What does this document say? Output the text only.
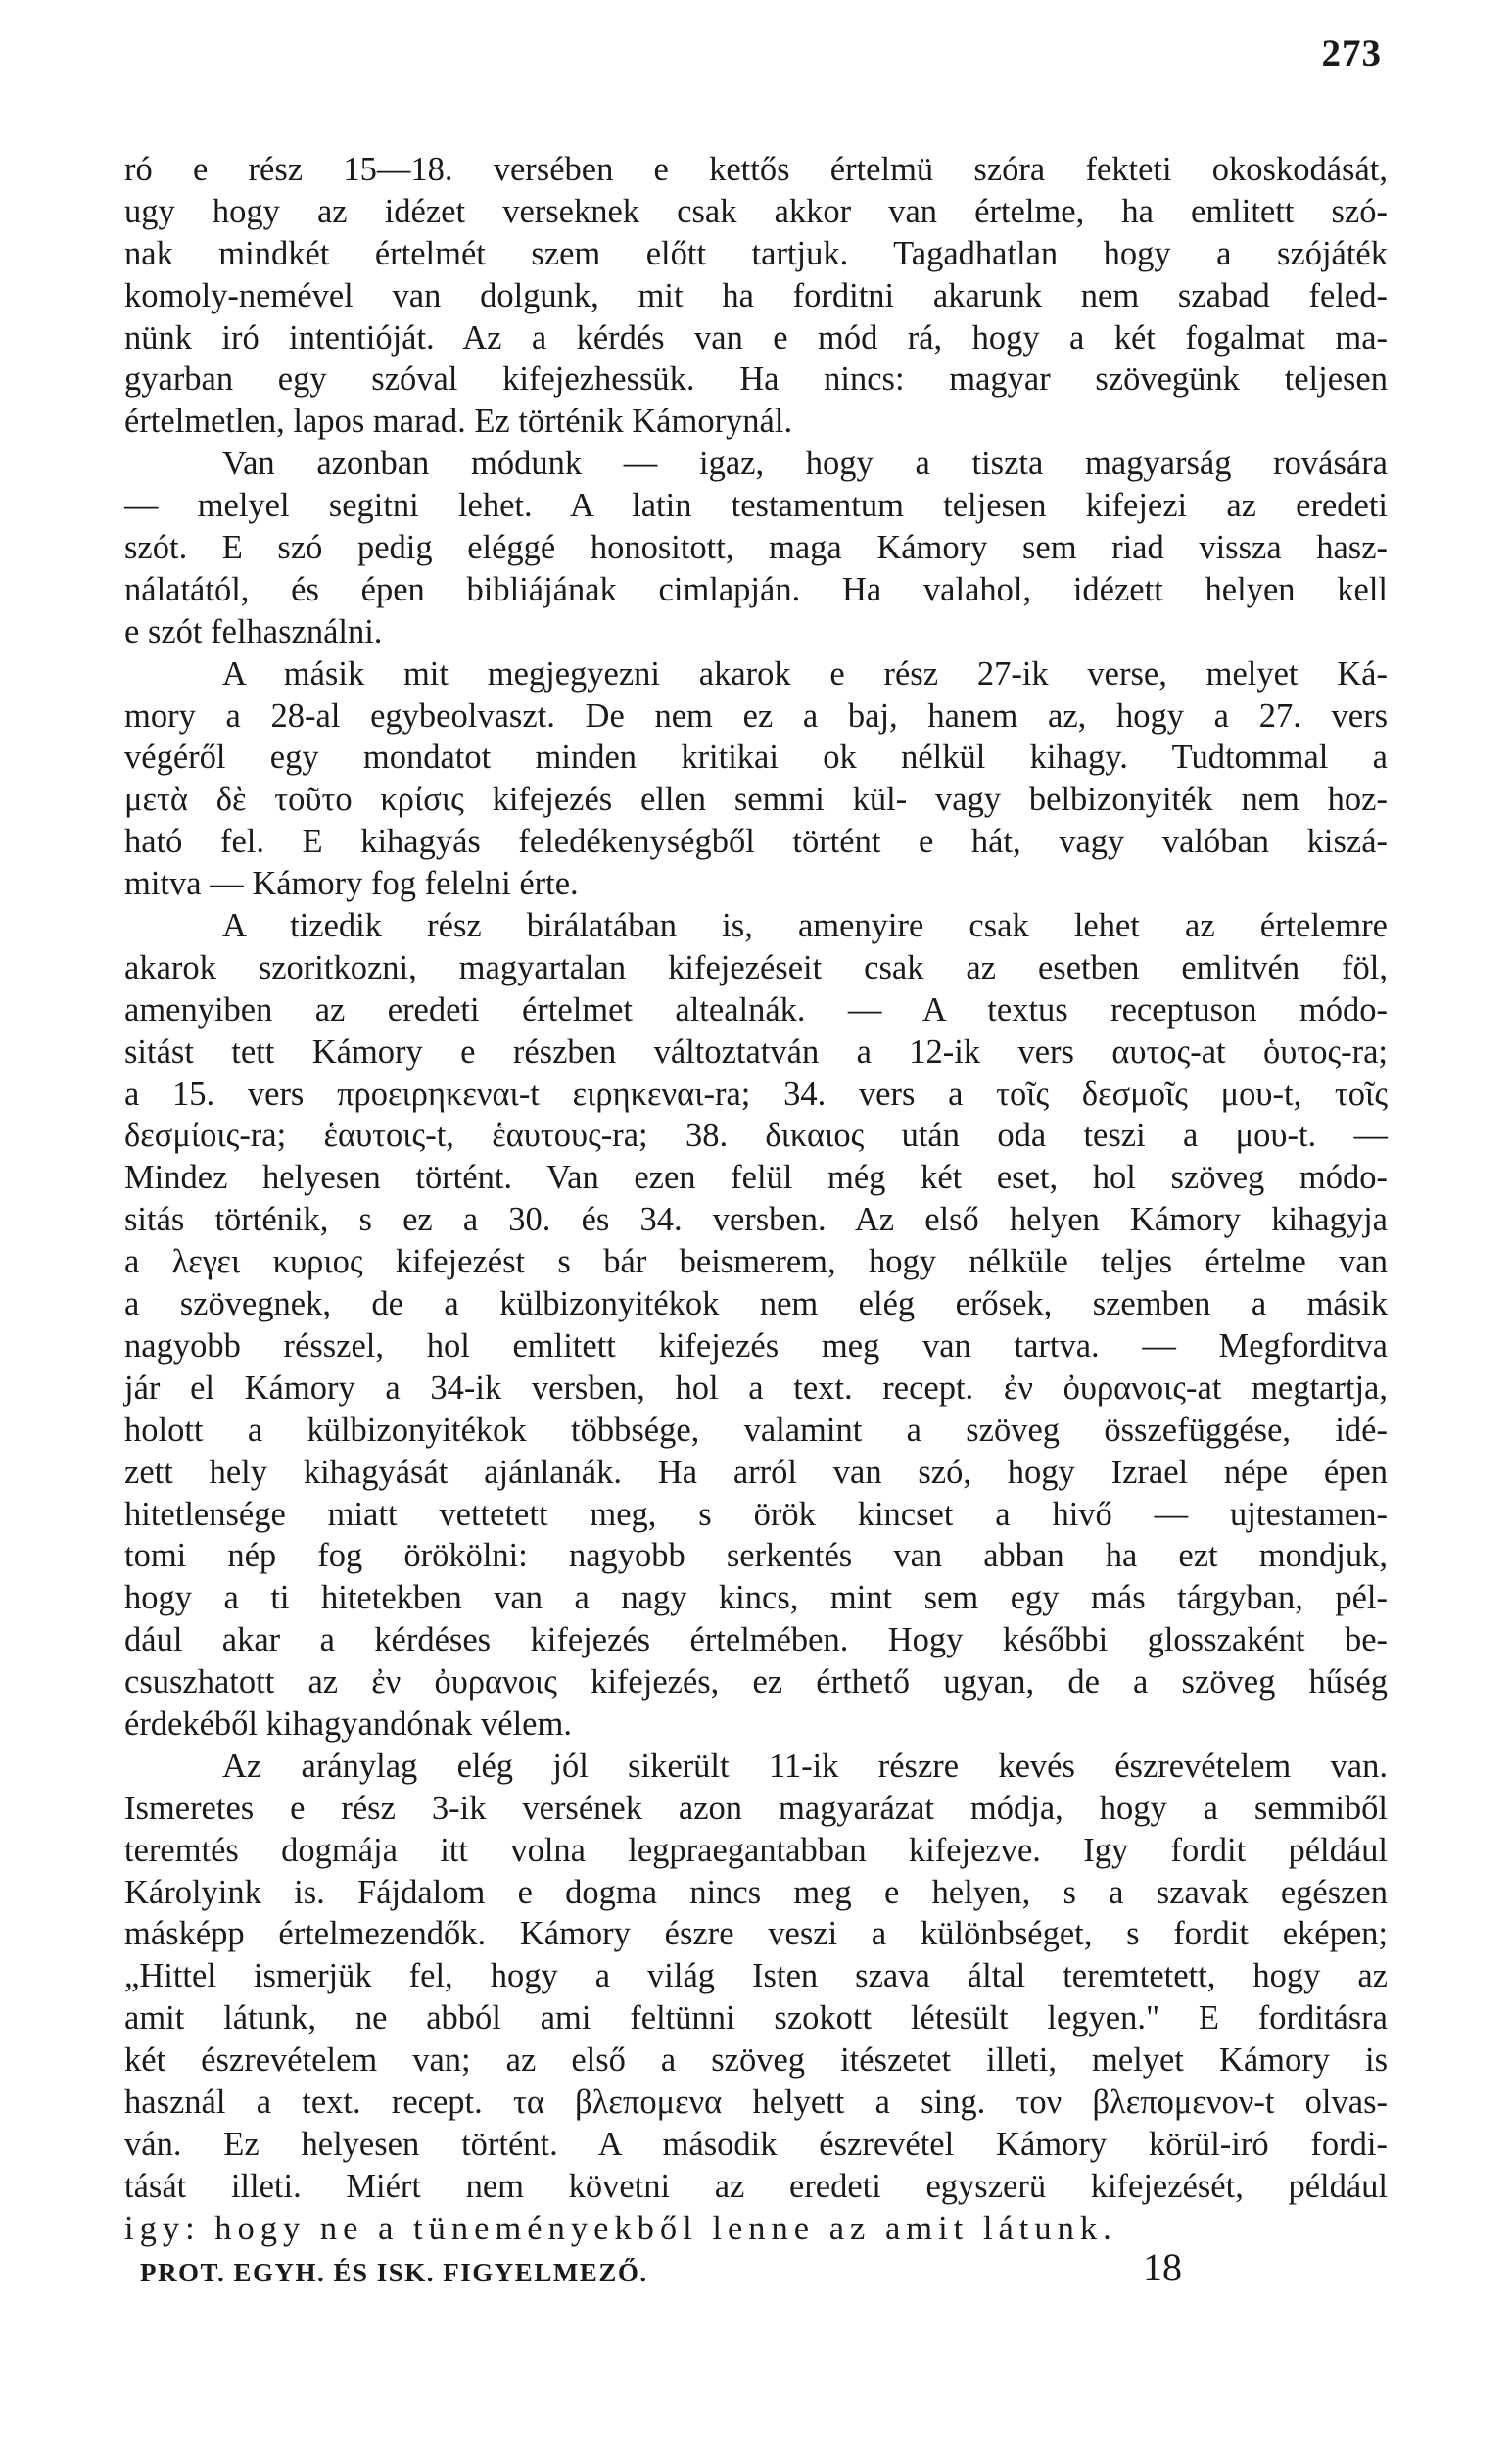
273
ró e rész 15—18. versében e kettős értelmü szóra fekteti okoskodását,
ugy hogy az idézet verseknek csak akkor van értelme, ha emlitett szó-
nak mindkét értelmét szem előtt tartjuk. Tagadhatlan hogy a szójáték
komoly-nemével van dolgunk, mit ha forditni akarunk nem szabad feled-
nünk iró intentióját. Az a kérdés van e mód rá, hogy a két fogalmat ma-
gyarban egy szóval kifejezhessük. Ha nincs: magyar szövegünk teljesen
értelmetlen, lapos marad. Ez történik Kámorynál.
Van azonban módunk — igaz, hogy a tiszta magyarság rovására
— melyel segitni lehet. A latin testamentum teljesen kifejezi az eredeti
szót. E szó pedig eléggé honositott, maga Kámory sem riad vissza hasz-
nálatától, és épen bibliájának cimlapján. Ha valahol, idézett helyen kell
e szót felhasználni.
A másik mit megjegyezni akarok e rész 27-ik verse, melyet Ká-
mory a 28-al egybeolvaszt. De nem ez a baj, hanem az, hogy a 27. vers
végéről egy mondatot minden kritikai ok nélkül kihagy. Tudtommal a
μετὰ δὲ τοῦτο κρίσις kifejezés ellen semmi kül- vagy belbizonyiték nem hoz-
ható fel. E kihagyás feledékenységből történt e hát, vagy valóban kiszá-
mitva — Kámory fog felelni érte.
A tizedik rész birálatában is, amenyire csak lehet az értelemre
akarok szoritkozni, magyartalan kifejezéseit csak az esetben emlitvén föl,
amenyiben az eredeti értelmet altealnák. — A textus receptuson módo-
sitást tett Kámory e részben változtatván a 12-ik vers αυτος-at ὁυτος-ra;
a 15. vers προειρηκεναι-t ειρηκεναι-ra; 34. vers a τοῖς δεσμοῖς μου-t, τοῖς
δεσμίοις-ra; ἑαυτοις-t, ἑαυτους-ra; 38. δικαιος után oda teszi a μου-t. —
Mindez helyesen történt. Van ezen felül még két eset, hol szöveg módo-
sitás történik, s ez a 30. és 34. versben. Az első helyen Kámory kihagyja
a λεγει κυριος kifejezést s bár beismerem, hogy nélküle teljes értelme van
a szövegnek, de a külbizonyitékok nem elég erősek, szemben a másik
nagyobb résszel, hol emlitett kifejezés meg van tartva. — Megforditva
jár el Kámory a 34-ik versben, hol a text. recept. ἐν ὀυρανοις-at megtartja,
holott a külbizonyitékok többsége, valamint a szöveg összefüggése, idé-
zett hely kihagyását ajánlanák. Ha arról van szó, hogy Izrael népe épen
hitetlensége miatt vettetett meg, s örök kincset a hivő — ujtestamen-
tomi nép fog örökölni: nagyobb serkentés van abban ha ezt mondjuk,
hogy a ti hitetekben van a nagy kincs, mint sem egy más tárgyban, pél-
dául akar a kérdéses kifejezés értelmében. Hogy későbbi glosszaként be-
csuszhatott az ἐν ὀυρανοις kifejezés, ez érthető ugyan, de a szöveg hűség
érdekéből kihagyandónak vélem.
Az aránylag elég jól sikerült 11-ik részre kevés észrevételem van.
Ismeretes e rész 3-ik versének azon magyarázat módja, hogy a semmiből
teremtés dogmája itt volna legpraegantabban kifejezve. Igy fordit például
Károlyink is. Fájdalom e dogma nincs meg e helyen, s a szavak egészen
másképp értelmezendők. Kámory észre veszi a különbséget, s fordit eképen;
„Hittel ismerjük fel, hogy a világ Isten szava által teremtetett, hogy az
amit látunk, ne abból ami feltünni szokott létesült legyen." E forditásra
két észrevételem van; az első a szöveg itészetet illeti, melyet Kámory is
használ a text. recept. τα βλεπομενα helyett a sing. τον βλεπομενον-t olvas-
ván. Ez helyesen történt. A második észrevétel Kámory körül-iró fordi-
tását illeti. Miért nem követni az eredeti egyszerü kifejezését, például
igy: hogy ne a tüneményekből lenne az amit látunk.
PROT. EGYH. ÉS ISK. FIGYELMEZŐ.	18
